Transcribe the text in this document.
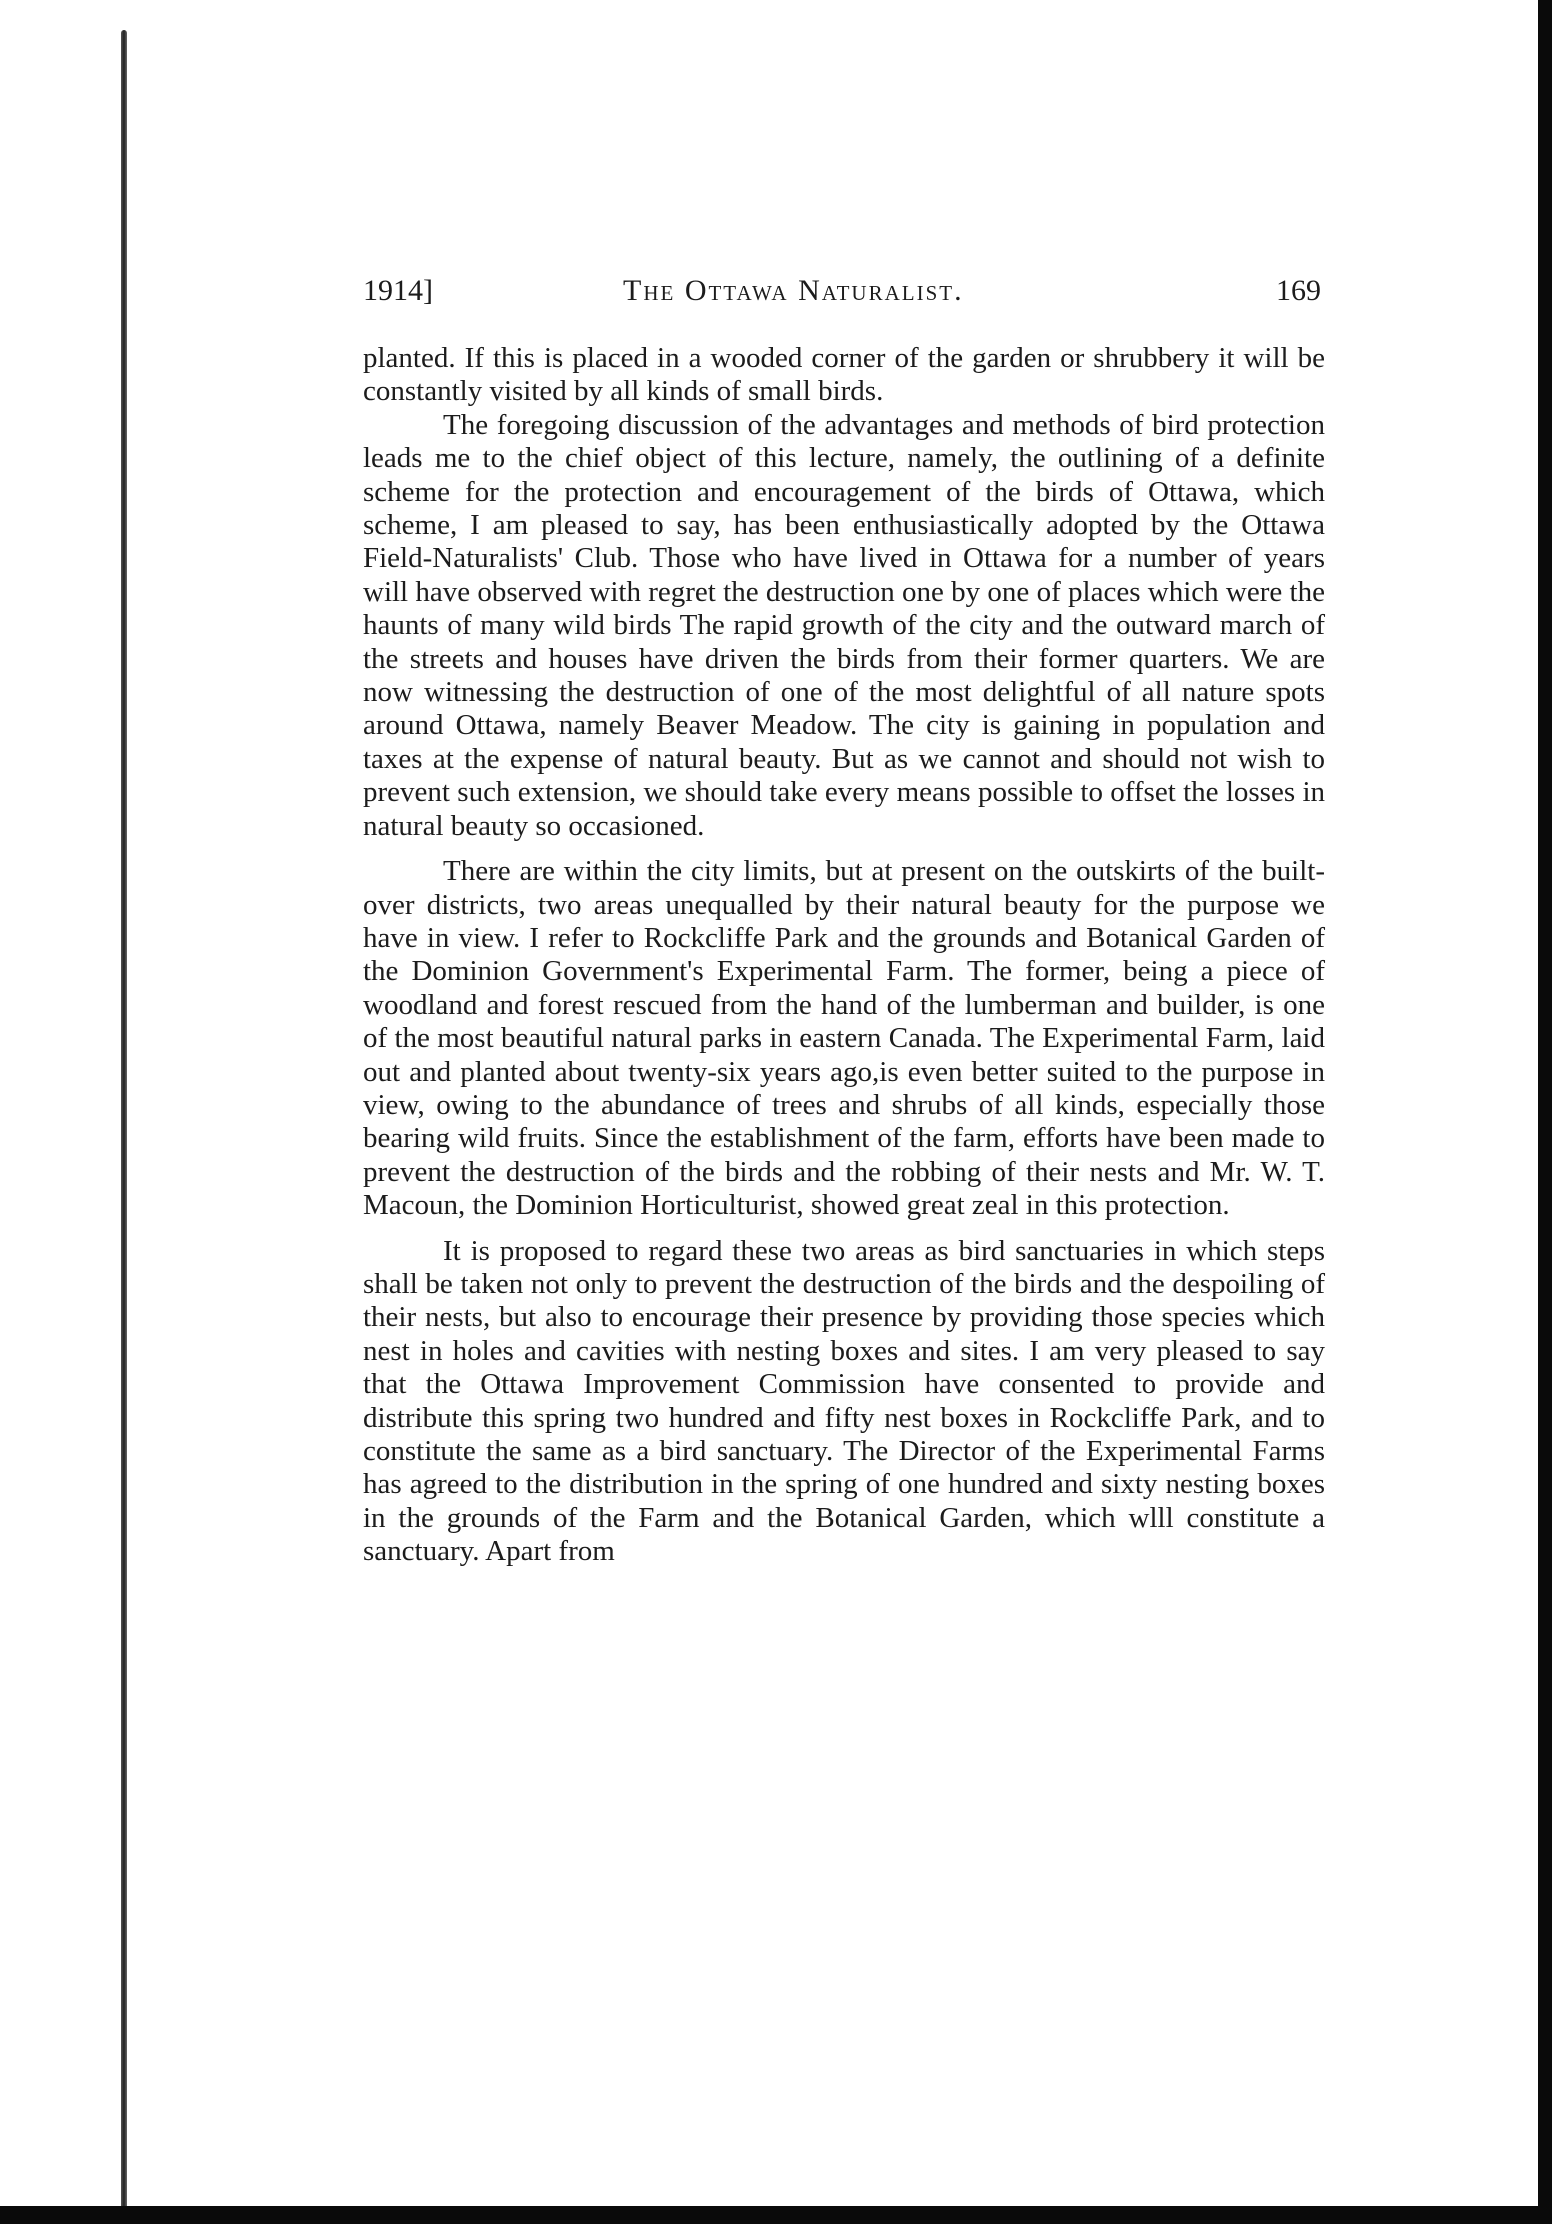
1914]	The Ottawa Naturalist.	169

planted. If this is placed in a wooded corner of the garden or shrubbery it will be constantly visited by all kinds of small birds.

The foregoing discussion of the advantages and methods of bird protection leads me to the chief object of this lecture, namely, the outlining of a definite scheme for the protection and encouragement of the birds of Ottawa, which scheme, I am pleased to say, has been enthusiastically adopted by the Ottawa Field-Naturalists' Club. Those who have lived in Ottawa for a number of years will have observed with regret the destruction one by one of places which were the haunts of many wild birds The rapid growth of the city and the outward march of the streets and houses have driven the birds from their former quarters. We are now witnessing the destruction of one of the most delightful of all nature spots around Ottawa, namely Beaver Meadow. The city is gaining in population and taxes at the expense of natural beauty. But as we cannot and should not wish to prevent such extension, we should take every means possible to offset the losses in natural beauty so occasioned.

There are within the city limits, but at present on the outskirts of the built-over districts, two areas unequalled by their natural beauty for the purpose we have in view. I refer to Rockcliffe Park and the grounds and Botanical Garden of the Dominion Government's Experimental Farm. The former, being a piece of woodland and forest rescued from the hand of the lumberman and builder, is one of the most beautiful natural parks in eastern Canada. The Experimental Farm, laid out and planted about twenty-six years ago,is even better suited to the purpose in view, owing to the abundance of trees and shrubs of all kinds, especially those bearing wild fruits. Since the establishment of the farm, efforts have been made to prevent the destruction of the birds and the robbing of their nests and Mr. W. T. Macoun, the Dominion Horticulturist, showed great zeal in this protection.

It is proposed to regard these two areas as bird sanctuaries in which steps shall be taken not only to prevent the destruction of the birds and the despoiling of their nests, but also to encourage their presence by providing those species which nest in holes and cavities with nesting boxes and sites. I am very pleased to say that the Ottawa Improvement Commission have consented to provide and distribute this spring two hundred and fifty nest boxes in Rockcliffe Park, and to constitute the same as a bird sanctuary. The Director of the Experimental Farms has agreed to the distribution in the spring of one hundred and sixty nesting boxes in the grounds of the Farm and the Botanical Garden, which wlll constitute a sanctuary. Apart from
